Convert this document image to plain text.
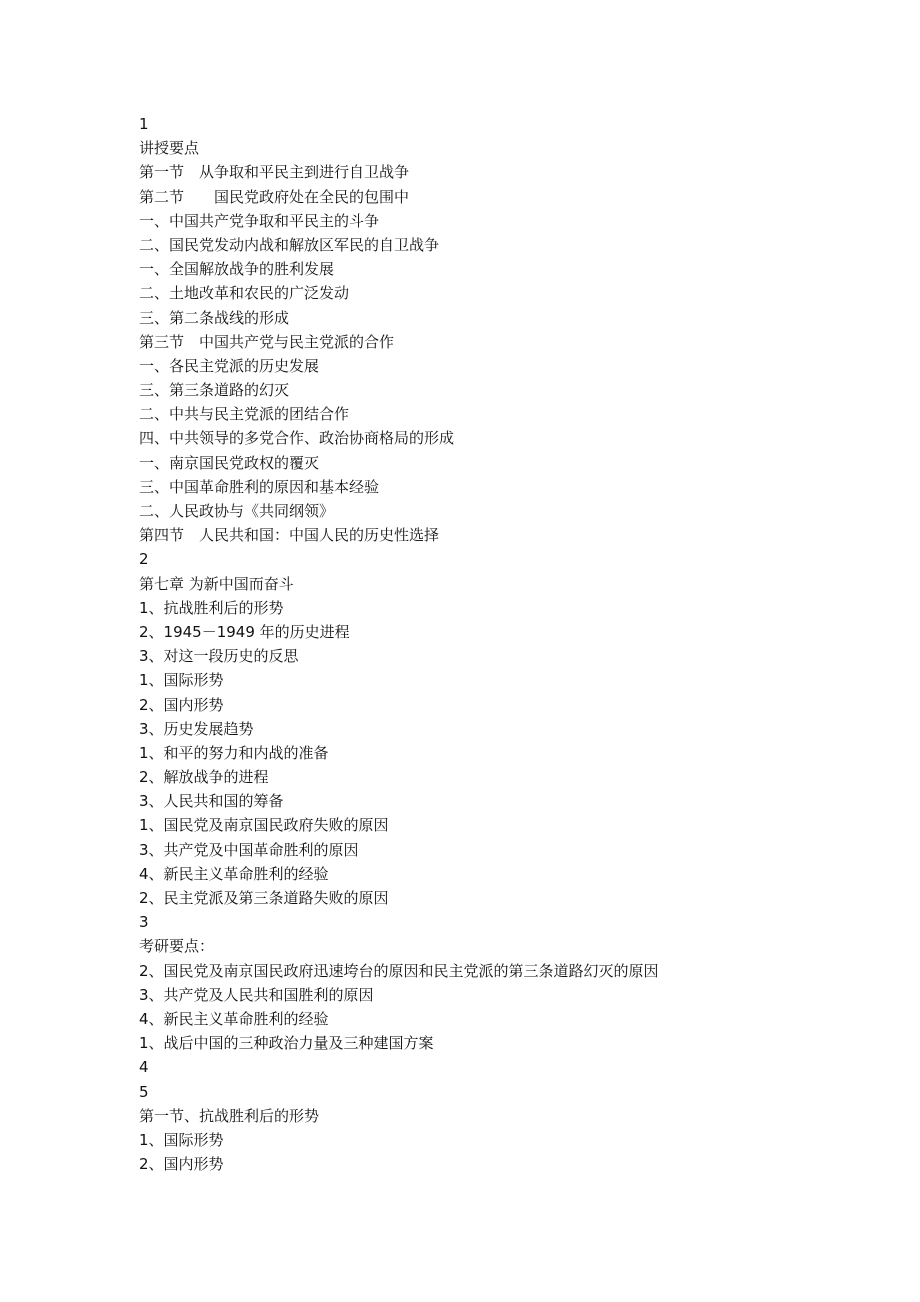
1
讲授要点
第一节　从争取和平民主到进行自卫战争
第二节　　国民党政府处在全民的包围中
一、中国共产党争取和平民主的斗争
二、国民党发动内战和解放区军民的自卫战争
一、全国解放战争的胜利发展
二、土地改革和农民的广泛发动
三、第二条战线的形成
第三节　中国共产党与民主党派的合作
一、各民主党派的历史发展
三、第三条道路的幻灭
二、中共与民主党派的团结合作
四、中共领导的多党合作、政治协商格局的形成
一、南京国民党政权的覆灭
三、中国革命胜利的原因和基本经验
二、人民政协与《共同纲领》
第四节　人民共和国：中国人民的历史性选择
2
第七章 为新中国而奋斗
1、抗战胜利后的形势
2、1945－1949 年的历史进程
3、对这一段历史的反思
1、国际形势
2、国内形势
3、历史发展趋势
1、和平的努力和内战的准备
2、解放战争的进程
3、人民共和国的筹备
1、国民党及南京国民政府失败的原因
3、共产党及中国革命胜利的原因
4、新民主义革命胜利的经验
2、民主党派及第三条道路失败的原因
3
考研要点：
2、国民党及南京国民政府迅速垮台的原因和民主党派的第三条道路幻灭的原因
3、共产党及人民共和国胜利的原因
4、新民主义革命胜利的经验
1、战后中国的三种政治力量及三种建国方案
4
5
第一节、抗战胜利后的形势
1、国际形势
2、国内形势
